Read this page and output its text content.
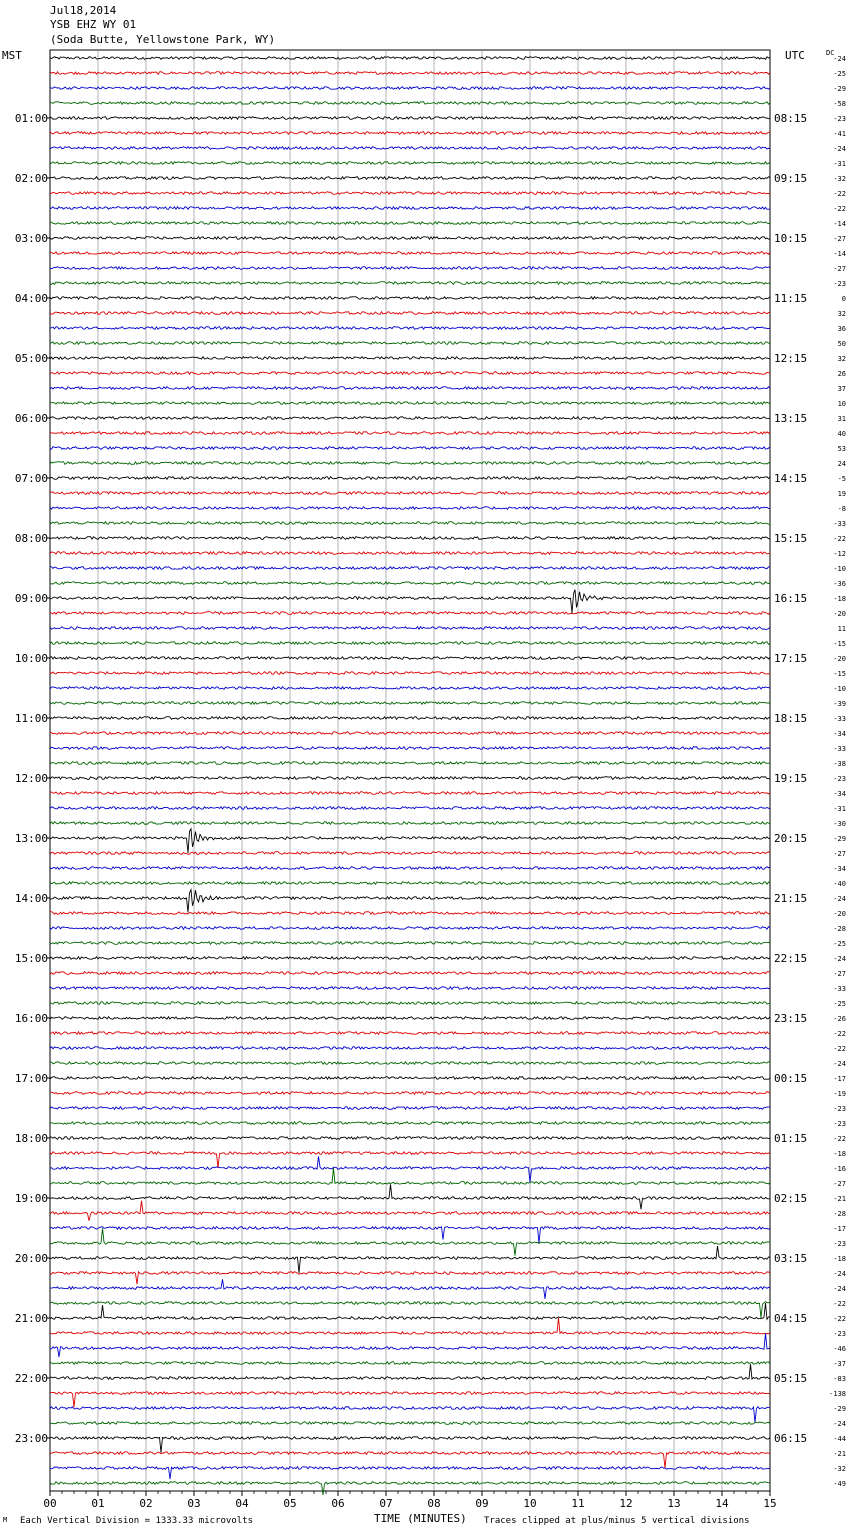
Jul18,2014
YSB EHZ WY 01
(Soda Butte, Yellowstone Park, WY)
MST	UTC	DC
00	01	02	03	04	05	06	07	08	09	10	11	12	13	14	15
-24
-25
-29
-58
-23
-41
-24
-31
-32
-22
-22
-14
-27
-14
-27
-23
0
32
36
50
32
26
37
10
31
40
53
24
-5
19
-8
-33
-22
-12
-10
-36
-18
-20
11
-15
-20
-15
-10
-39
-33
-34
-33
-38
-23
-34
-31
-30
-29
-27
-34
-40
-24
-20
-28
-25
-24
-27
-33
-25
-26
-22
-22
-24
-17
-19
-23
-23
-22
-18
-16
-27
-21
-28
-17
-23
-18
-24
-24
-22
-22
-23
-46
-37
-83
-138
-29
-24
-44
-21
-32
-49
01:00
02:00
03:00
04:00
05:00
06:00
07:00
08:00
09:00
10:00
11:00
12:00
13:00
14:00
15:00
16:00
17:00
18:00
19:00
20:00
21:00
22:00
23:00
08:15
09:15
10:15
11:15
12:15
13:15
14:15
15:15
16:15
17:15
18:15
19:15
20:15
21:15
22:15
23:15
00:15
01:15
02:15
03:15
04:15
05:15
06:15
M Each Vertical Division = 1333.33 microvolts	TIME (MINUTES) Traces clipped at plus/minus 5 vertical divisions
